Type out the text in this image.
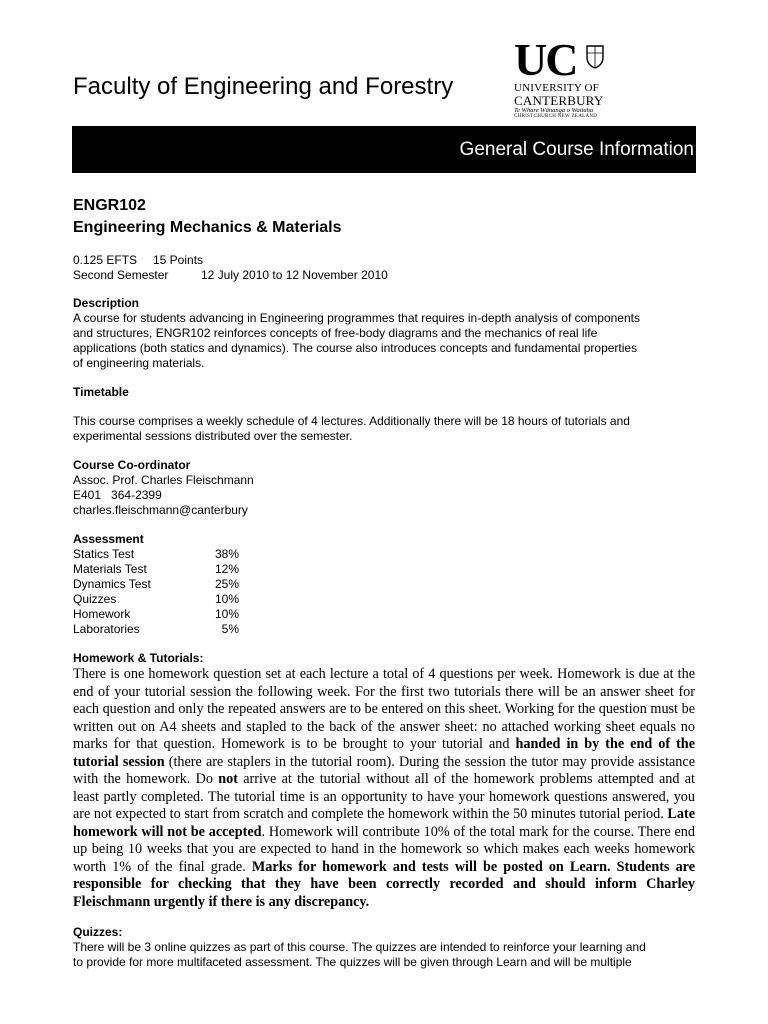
Faculty of Engineering and Forestry
UC
UNIVERSITY OF
CANTERBURY
Te Whare Wānanga o Waitaha
CHRISTCHURCH NEW ZEALAND
General Course Information
ENGR102
Engineering Mechanics & Materials
0.125 EFTS 15 Points
Second Semester	12 July 2010 to 12 November 2010
Description
A course for students advancing in Engineering programmes that requires in-depth analysis of components
and structures, ENGR102 reinforces concepts of free-body diagrams and the mechanics of real life
applications (both statics and dynamics). The course also introduces concepts and fundamental properties
of engineering materials.
Timetable
This course comprises a weekly schedule of 4 lectures. Additionally there will be 18 hours of tutorials and
experimental sessions distributed over the semester.
Course Co-ordinator
Assoc. Prof. Charles Fleischmann
E401 364-2399
charles.fleischmann@canterbury
Assessment
Statics Test	38%
Materials Test	12%
Dynamics Test	25%
Quizzes	10%
Homework	10%
Laboratories	5%
Homework & Tutorials:
There is one homework question set at each lecture a total of 4 questions per week. Homework is due at the end of your tutorial session the following week. For the first two tutorials there will be an answer sheet for each question and only the repeated answers are to be entered on this sheet. Working for the question must be written out on A4 sheets and stapled to the back of the answer sheet: no attached working sheet equals no marks for that question. Homework is to be brought to your tutorial and handed in by the end of the tutorial session (there are staplers in the tutorial room). During the session the tutor may provide assistance with the homework. Do not arrive at the tutorial without all of the homework problems attempted and at least partly completed. The tutorial time is an opportunity to have your homework questions answered, you are not expected to start from scratch and complete the homework within the 50 minutes tutorial period. Late homework will not be accepted. Homework will contribute 10% of the total mark for the course. There end up being 10 weeks that you are expected to hand in the homework so which makes each weeks homework worth 1% of the final grade. Marks for homework and tests will be posted on Learn. Students are responsible for checking that they have been correctly recorded and should inform Charley Fleischmann urgently if there is any discrepancy.
Quizzes:
There will be 3 online quizzes as part of this course. The quizzes are intended to reinforce your learning and
to provide for more multifaceted assessment. The quizzes will be given through Learn and will be multiple
